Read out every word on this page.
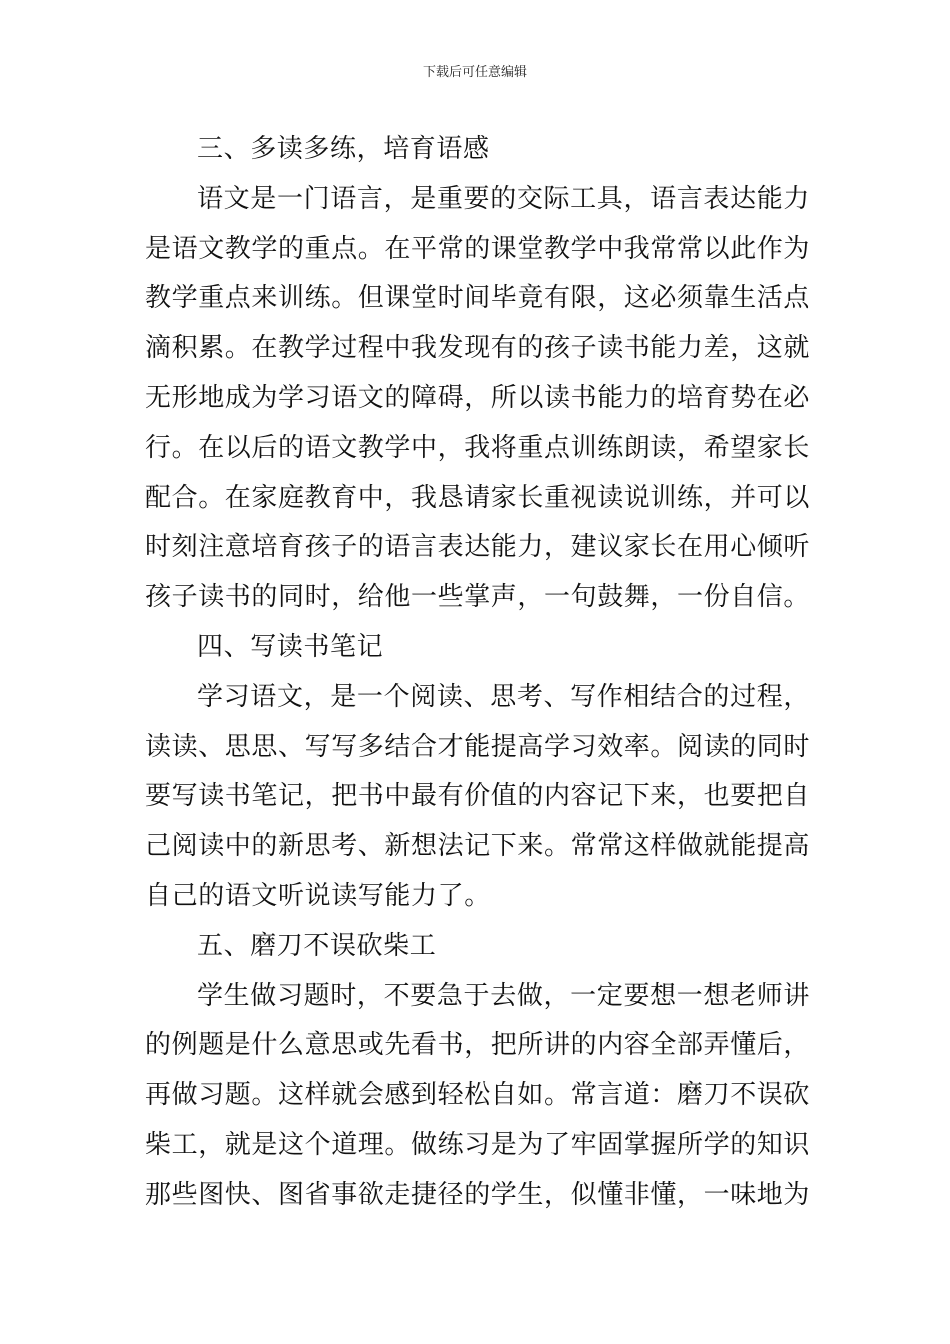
下载后可任意编辑

三、多读多练，培育语感

语文是一门语言，是重要的交际工具，语言表达能力是语文教学的重点。在平常的课堂教学中我常常以此作为教学重点来训练。但课堂时间毕竟有限，这必须靠生活点滴积累。在教学过程中我发现有的孩子读书能力差，这就无形地成为学习语文的障碍，所以读书能力的培育势在必行。在以后的语文教学中，我将重点训练朗读，希望家长配合。在家庭教育中，我恳请家长重视读说训练，并可以时刻注意培育孩子的语言表达能力，建议家长在用心倾听孩子读书的同时，给他一些掌声，一句鼓舞，一份自信。

四、写读书笔记

学习语文，是一个阅读、思考、写作相结合的过程，读读、思思、写写多结合才能提高学习效率。阅读的同时要写读书笔记，把书中最有价值的内容记下来，也要把自己阅读中的新思考、新想法记下来。常常这样做就能提高自己的语文听说读写能力了。

五、磨刀不误砍柴工

学生做习题时，不要急于去做，一定要想一想老师讲的例题是什么意思或先看书，把所讲的内容全部弄懂后，再做习题。这样就会感到轻松自如。常言道：磨刀不误砍柴工，就是这个道理。做练习是为了牢固掌握所学的知识那些图快、图省事欲走捷径的学生，似懂非懂，一味地为
